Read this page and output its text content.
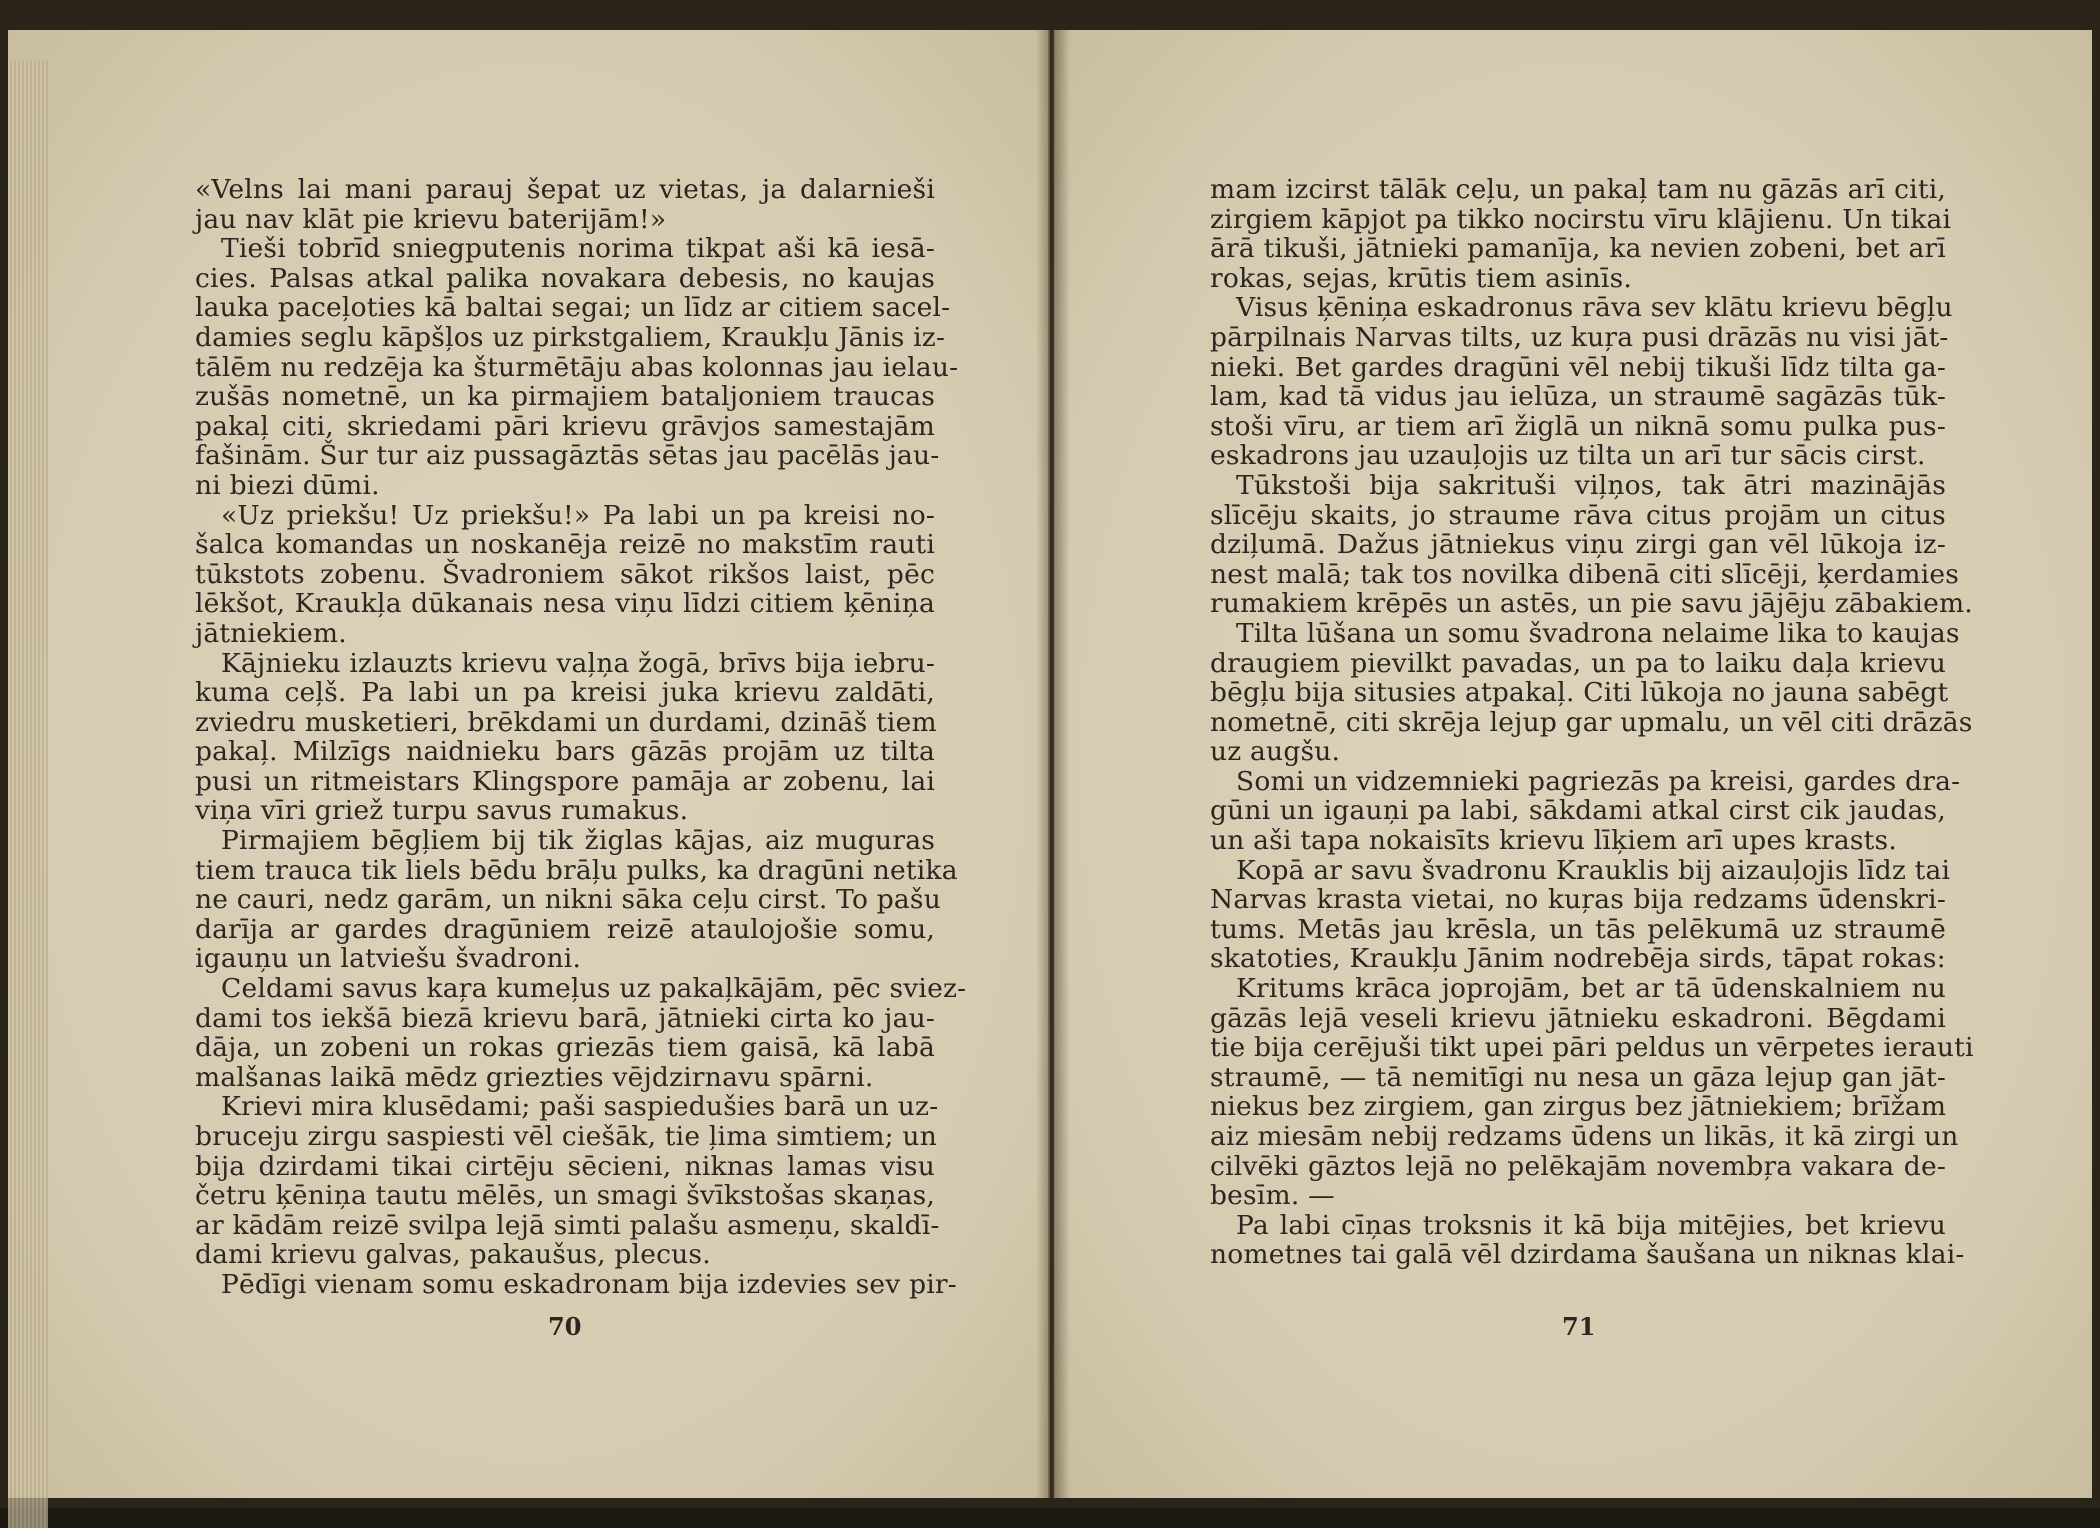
«Velns lai mani parauj šepat uz vietas, ja dalarnieši
jau nav klāt pie krievu baterijām!»
Tieši tobrīd sniegputenis norima tikpat aši kā iesā-
cies. Palsas atkal palika novakara debesis, no kaujas
lauka paceļoties kā baltai segai; un līdz ar citiem sacel-
damies seglu kāpšļos uz pirkstgaliem, Kraukļu Jānis iz-
tālēm nu redzēja ka šturmētāju abas kolonnas jau ielau-
zušās nometnē, un ka pirmajiem bataljoniem traucas
pakaļ citi, skriedami pāri krievu grāvjos samestajām
fašinām. Šur tur aiz pussagāztās sētas jau pacēlās jau-
ni biezi dūmi.
«Uz priekšu! Uz priekšu!» Pa labi un pa kreisi no-
šalca komandas un noskanēja reizē no makstīm rauti
tūkstots zobenu. Švadroniem sākot rikšos laist, pēc
lēkšot, Kraukļa dūkanais nesa viņu līdzi citiem ķēniņa
jātniekiem.
Kājnieku izlauzts krievu vaļņa žogā, brīvs bija iebru-
kuma ceļš. Pa labi un pa kreisi juka krievu zaldāti,
zviedru musketieri, brēkdami un durdami, dzināš tiem
pakaļ. Milzīgs naidnieku bars gāzās projām uz tilta
pusi un ritmeistars Klingspore pamāja ar zobenu, lai
viņa vīri griež turpu savus rumakus.
Pirmajiem bēgļiem bij tik žiglas kājas, aiz muguras
tiem trauca tik liels bēdu brāļu pulks, ka dragūni netika
ne cauri, nedz garām, un nikni sāka ceļu cirst. To pašu
darīja ar gardes dragūniem reizē ataulojošie somu,
igauņu un latviešu švadroni.
Celdami savus kaŗa kumeļus uz pakaļkājām, pēc sviez-
dami tos iekšā biezā krievu barā, jātnieki cirta ko jau-
dāja, un zobeni un rokas griezās tiem gaisā, kā labā
malšanas laikā mēdz griezties vējdzirnavu spārni.
Krievi mira klusēdami; paši saspiedušies barā un uz-
bruceju zirgu saspiesti vēl ciešāk, tie ļima simtiem; un
bija dzirdami tikai cirtēju sēcieni, niknas lamas visu
četru ķēniņa tautu mēlēs, un smagi švīkstošas skaņas,
ar kādām reizē svilpa lejā simti palašu asmeņu, skaldī-
dami krievu galvas, pakaušus, plecus.
Pēdīgi vienam somu eskadronam bija izdevies sev pir-
70
mam izcirst tālāk ceļu, un pakaļ tam nu gāzās arī citi,
zirgiem kāpjot pa tikko nocirstu vīru klājienu. Un tikai
ārā tikuši, jātnieki pamanīja, ka nevien zobeni, bet arī
rokas, sejas, krūtis tiem asinīs.
Visus ķēniņa eskadronus rāva sev klātu krievu bēgļu
pārpilnais Narvas tilts, uz kuŗa pusi drāzās nu visi jāt-
nieki. Bet gardes dragūni vēl nebij tikuši līdz tilta ga-
lam, kad tā vidus jau ielūza, un straumē sagāzās tūk-
stoši vīru, ar tiem arī žiglā un niknā somu pulka pus-
eskadrons jau uzauļojis uz tilta un arī tur sācis cirst.
Tūkstoši bija sakrituši viļņos, tak ātri mazinājās
slīcēju skaits, jo straume rāva citus projām un citus
dziļumā. Dažus jātniekus viņu zirgi gan vēl lūkoja iz-
nest malā; tak tos novilka dibenā citi slīcēji, ķerdamies
rumakiem krēpēs un astēs, un pie savu jājēju zābakiem.
Tilta lūšana un somu švadrona nelaime lika to kaujas
draugiem pievilkt pavadas, un pa to laiku daļa krievu
bēgļu bija situsies atpakaļ. Citi lūkoja no jauna sabēgt
nometnē, citi skrēja lejup gar upmalu, un vēl citi drāzās
uz augšu.
Somi un vidzemnieki pagriezās pa kreisi, gardes dra-
gūni un igauņi pa labi, sākdami atkal cirst cik jaudas,
un aši tapa nokaisīts krievu līķiem arī upes krasts.
Kopā ar savu švadronu Krauklis bij aizauļojis līdz tai
Narvas krasta vietai, no kuŗas bija redzams ūdenskri-
tums. Metās jau krēsla, un tās pelēkumā uz straumē
skatoties, Kraukļu Jānim nodrebēja sirds, tāpat rokas:
Kritums krāca joprojām, bet ar tā ūdenskalniem nu
gāzās lejā veseli krievu jātnieku eskadroni. Bēgdami
tie bija cerējuši tikt upei pāri peldus un vērpetes ierauti
straumē, — tā nemitīgi nu nesa un gāza lejup gan jāt-
niekus bez zirgiem, gan zirgus bez jātniekiem; brīžam
aiz miesām nebij redzams ūdens un likās, it kā zirgi un
cilvēki gāztos lejā no pelēkajām novembŗa vakara de-
besīm. —
Pa labi cīņas troksnis it kā bija mitējies, bet krievu
nometnes tai galā vēl dzirdama šaušana un niknas klai-
71
